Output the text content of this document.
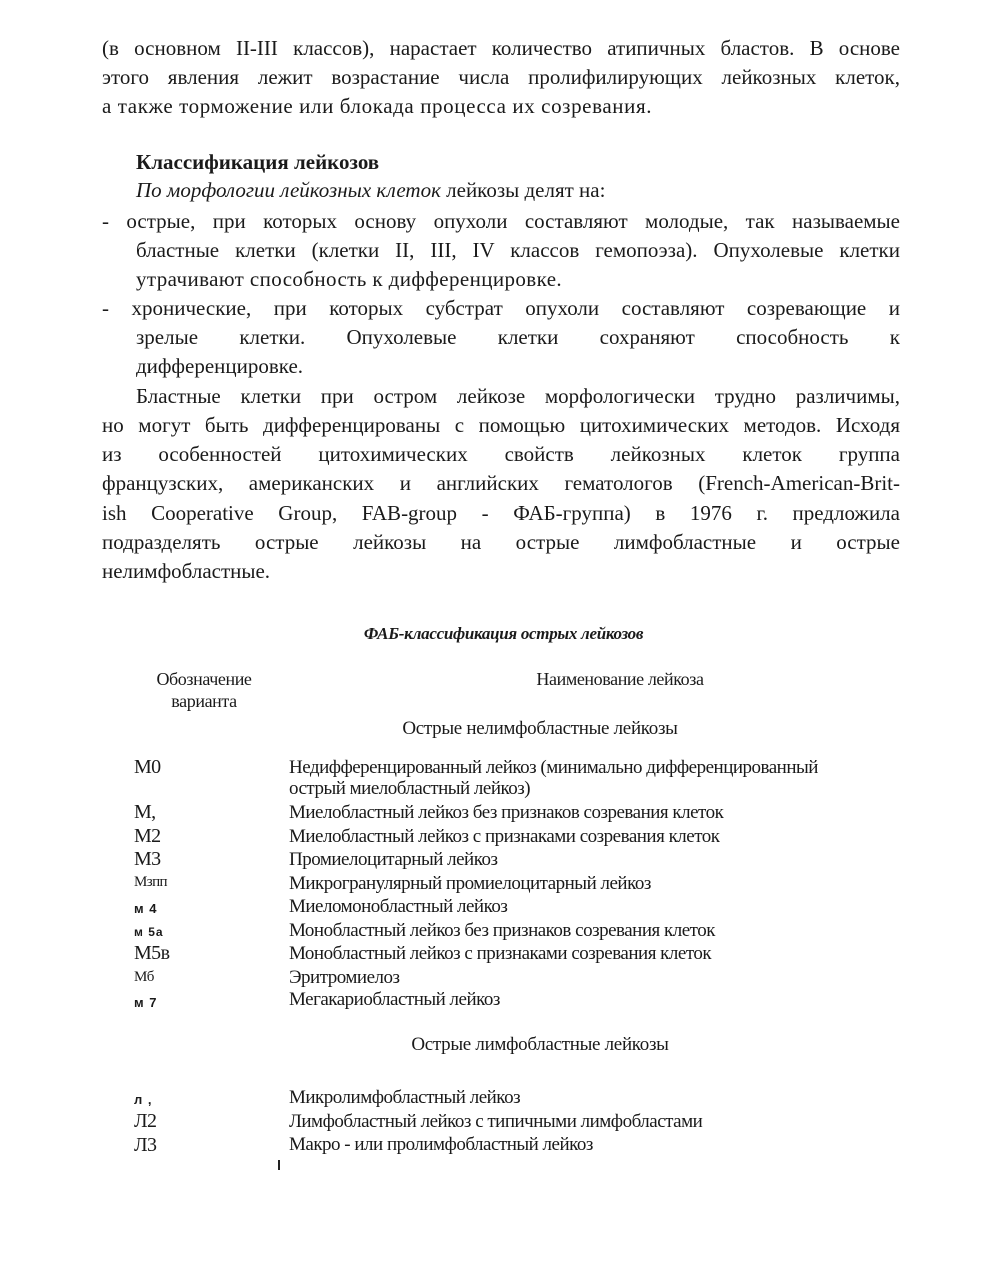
(в основном II-III классов), нарастает количество атипичных бластов. В основе
этого явления лежит возрастание числа пролифилирующих лейкозных клеток,
а также торможение или блокада процесса их созревания.
Классификация лейкозов
По морфологии лейкозных клеток лейкозы делят на:
- острые, при которых основу опухоли составляют молодые, так называемые
бластные клетки (клетки II, III, IV классов гемопоэза). Опухолевые клетки
утрачивают способность к дифференцировке.
- хронические, при которых субстрат опухоли составляют созревающие и
зрелые клетки. Опухолевые клетки сохраняют способность к
дифференцировке.
Бластные клетки при остром лейкозе морфологически трудно различимы,
но могут быть дифференцированы с помощью цитохимических методов. Исходя
из особенностей цитохимических свойств лейкозных клеток группа
французских, американских и английских гематологов (French-American-Brit-
ish Cooperative Group, FAB-group - ФАБ-группа) в 1976 г. предложила
подразделять острые лейкозы на острые лимфобластные и острые
нелимфобластные.
ФАБ-классификация острых лейкозов
Обозначение
варианта
Наименование лейкоза
Острые нелимфобластные лейкозы
M0	Недифференцированный лейкоз (минимально дифференцированный
острый миелобластный лейкоз)
M,	Миелобластный лейкоз без признаков созревания клеток
M2	Миелобластный лейкоз с признаками созревания клеток
M3	Промиелоцитарный лейкоз
Mзпп	Микрогранулярный промиелоцитарный лейкоз
м 4	Миеломонобластный лейкоз
м 5а	Монобластный лейкоз без признаков созревания клеток
M5в	Монобластный лейкоз с признаками созревания клеток
Mб	Эритромиелоз
м 7	Мегакариобластный лейкоз
Острые лимфобластные лейкозы
л ,	Микролимфобластный лейкоз
Л2	Лимфобластный лейкоз с типичными лимфобластами
Л3	Макро - или пролимфобластный лейкоз
